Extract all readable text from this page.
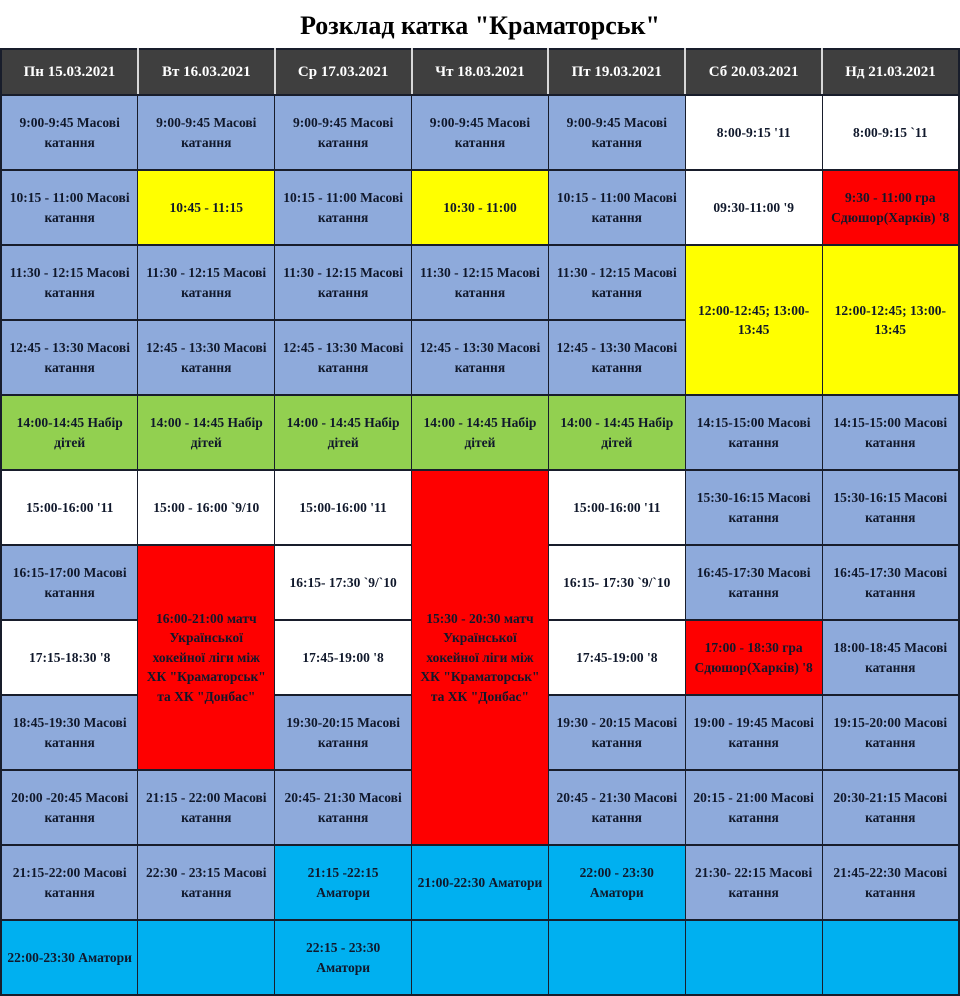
Розклад катка "Краматорськ"
Пн 15.03.2021	Вт 16.03.2021	Ср 17.03.2021	Чт 18.03.2021	Пт 19.03.2021	Сб 20.03.2021	Нд 21.03.2021
9:00-9:45 Масові катання	9:00-9:45 Масові катання	9:00-9:45 Масові катання	9:00-9:45 Масові катання	9:00-9:45 Масові катання	8:00-9:15 '11	8:00-9:15 `11
10:15 - 11:00 Масові катання	10:45 - 11:15	10:15 - 11:00 Масові катання	10:30 - 11:00	10:15 - 11:00 Масові катання	09:30-11:00 '9	9:30 - 11:00 гра Сдюшор(Харків) '8
11:30 - 12:15 Масові катання	11:30 - 12:15 Масові катання	11:30 - 12:15 Масові катання	11:30 - 12:15 Масові катання	11:30 - 12:15 Масові катання	12:00-12:45; 13:00-13:45	12:00-12:45; 13:00-13:45
12:45 - 13:30 Масові катання	12:45 - 13:30 Масові катання	12:45 - 13:30 Масові катання	12:45 - 13:30 Масові катання	12:45 - 13:30 Масові катання		
14:00-14:45 Набір дітей	14:00 - 14:45 Набір дітей	14:00 - 14:45 Набір дітей	14:00 - 14:45 Набір дітей	14:00 - 14:45 Набір дітей	14:15-15:00 Масові катання	14:15-15:00 Масові катання
15:00-16:00 '11	15:00 - 16:00 `9/10	15:00-16:00 '11	15:30 - 20:30 матч Української хокейної ліги між ХК "Краматорськ" та ХК "Донбас"	15:00-16:00 '11	15:30-16:15 Масові катання	15:30-16:15 Масові катання
16:15-17:00 Масові катання	16:00-21:00 матч Української хокейної ліги між ХК "Краматорськ" та ХК "Донбас"	16:15- 17:30 `9/`10		16:15- 17:30 `9/`10	16:45-17:30 Масові катання	16:45-17:30 Масові катання
17:15-18:30 '8		17:45-19:00 '8		17:45-19:00 '8	17:00 - 18:30 гра Сдюшор(Харків) '8	18:00-18:45 Масові катання
18:45-19:30 Масові катання		19:30-20:15 Масові катання		19:30 - 20:15 Масові катання	19:00 - 19:45 Масові катання	19:15-20:00 Масові катання
20:00 -20:45 Масові катання	21:15 - 22:00 Масові катання	20:45- 21:30 Масові катання		20:45 - 21:30 Масові катання	20:15 - 21:00 Масові катання	20:30-21:15 Масові катання
21:15-22:00 Масові катання	22:30 - 23:15 Масові катання	21:15 -22:15 Аматори	21:00-22:30 Аматори	22:00 - 23:30 Аматори	21:30- 22:15 Масові катання	21:45-22:30 Масові катання
22:00-23:30 Аматори		22:15 - 23:30 Аматори				
